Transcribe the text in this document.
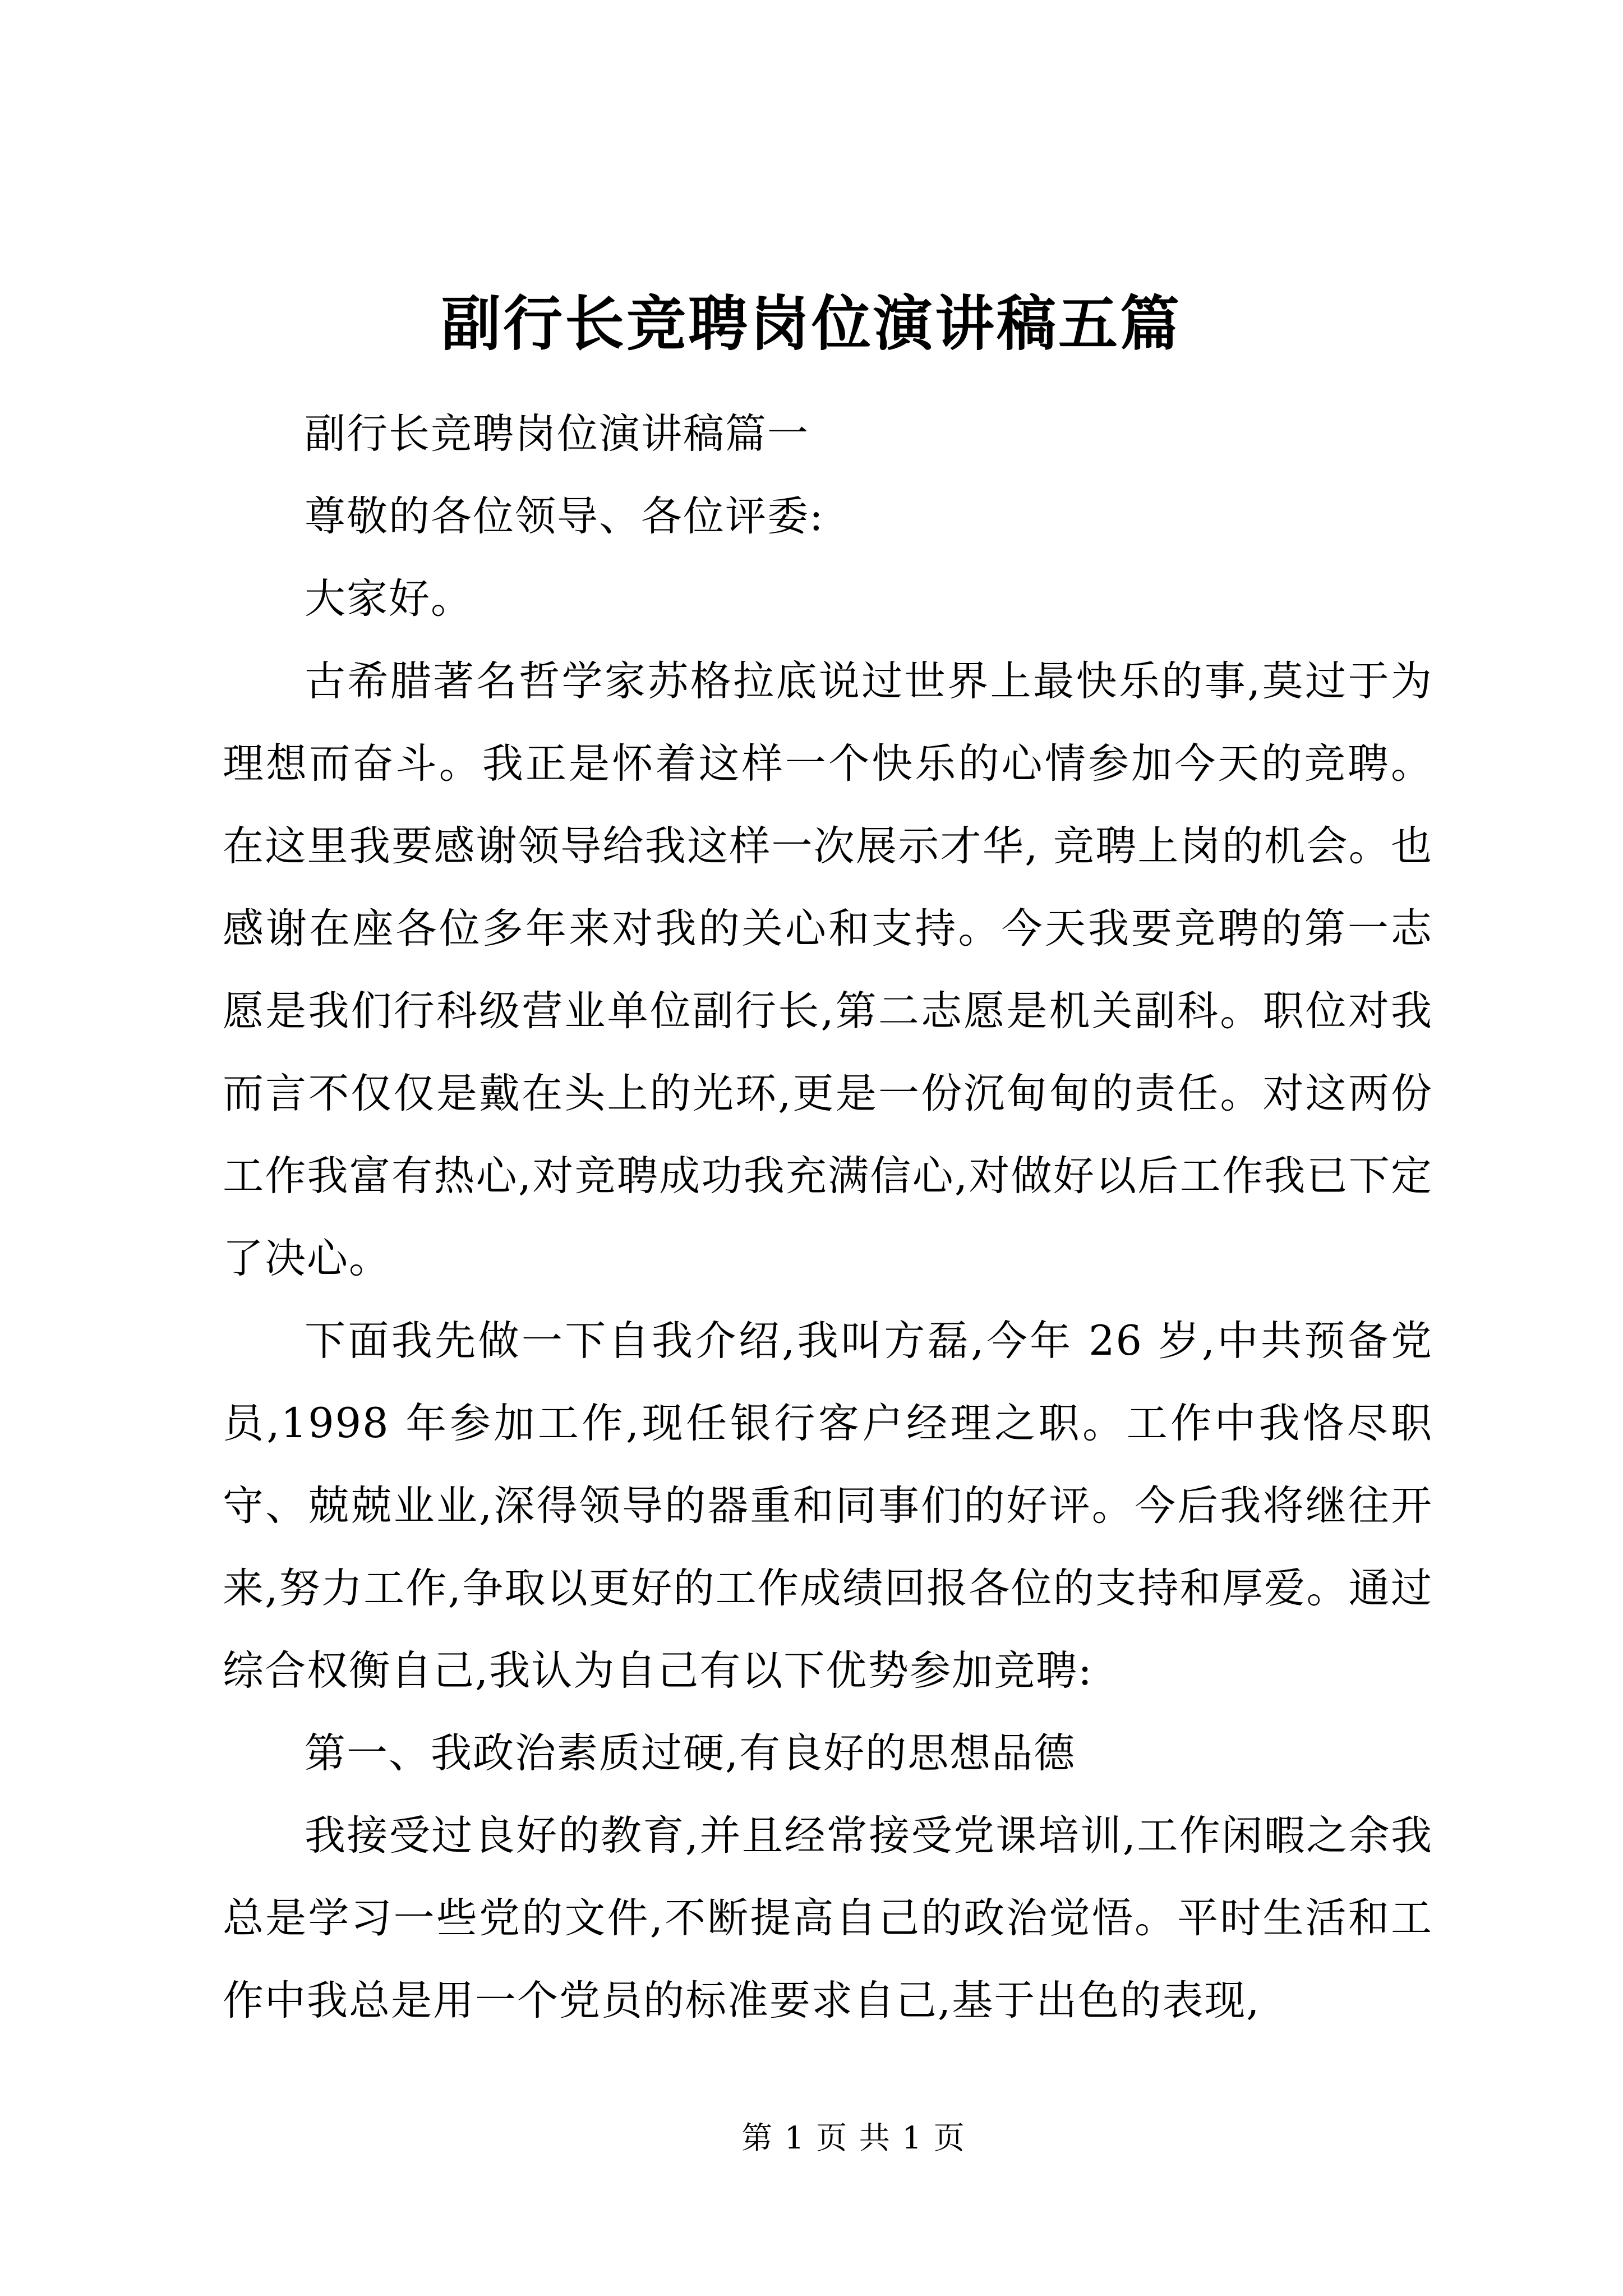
副行长竞聘岗位演讲稿五篇

副行长竞聘岗位演讲稿篇一

尊敬的各位领导、各位评委:

大家好。

古希腊著名哲学家苏格拉底说过世界上最快乐的事,莫过于为理想而奋斗。我正是怀着这样一个快乐的心情参加今天的竞聘。在这里我要感谢领导给我这样一次展示才华, 竞聘上岗的机会。也感谢在座各位多年来对我的关心和支持。今天我要竞聘的第一志愿是我们行科级营业单位副行长,第二志愿是机关副科。职位对我而言不仅仅是戴在头上的光环,更是一份沉甸甸的责任。对这两份工作我富有热心,对竞聘成功我充满信心,对做好以后工作我已下定了决心。

下面我先做一下自我介绍,我叫方磊,今年 26 岁,中共预备党员,1998 年参加工作,现任银行客户经理之职。工作中我恪尽职守、兢兢业业,深得领导的器重和同事们的好评。今后我将继往开来,努力工作,争取以更好的工作成绩回报各位的支持和厚爱。通过综合权衡自己,我认为自己有以下优势参加竞聘:

第一、我政治素质过硬,有良好的思想品德

我接受过良好的教育,并且经常接受党课培训,工作闲暇之余我总是学习一些党的文件,不断提高自己的政治觉悟。平时生活和工作中我总是用一个党员的标准要求自己,基于出色的表现,

第 1 页 共 1 页
